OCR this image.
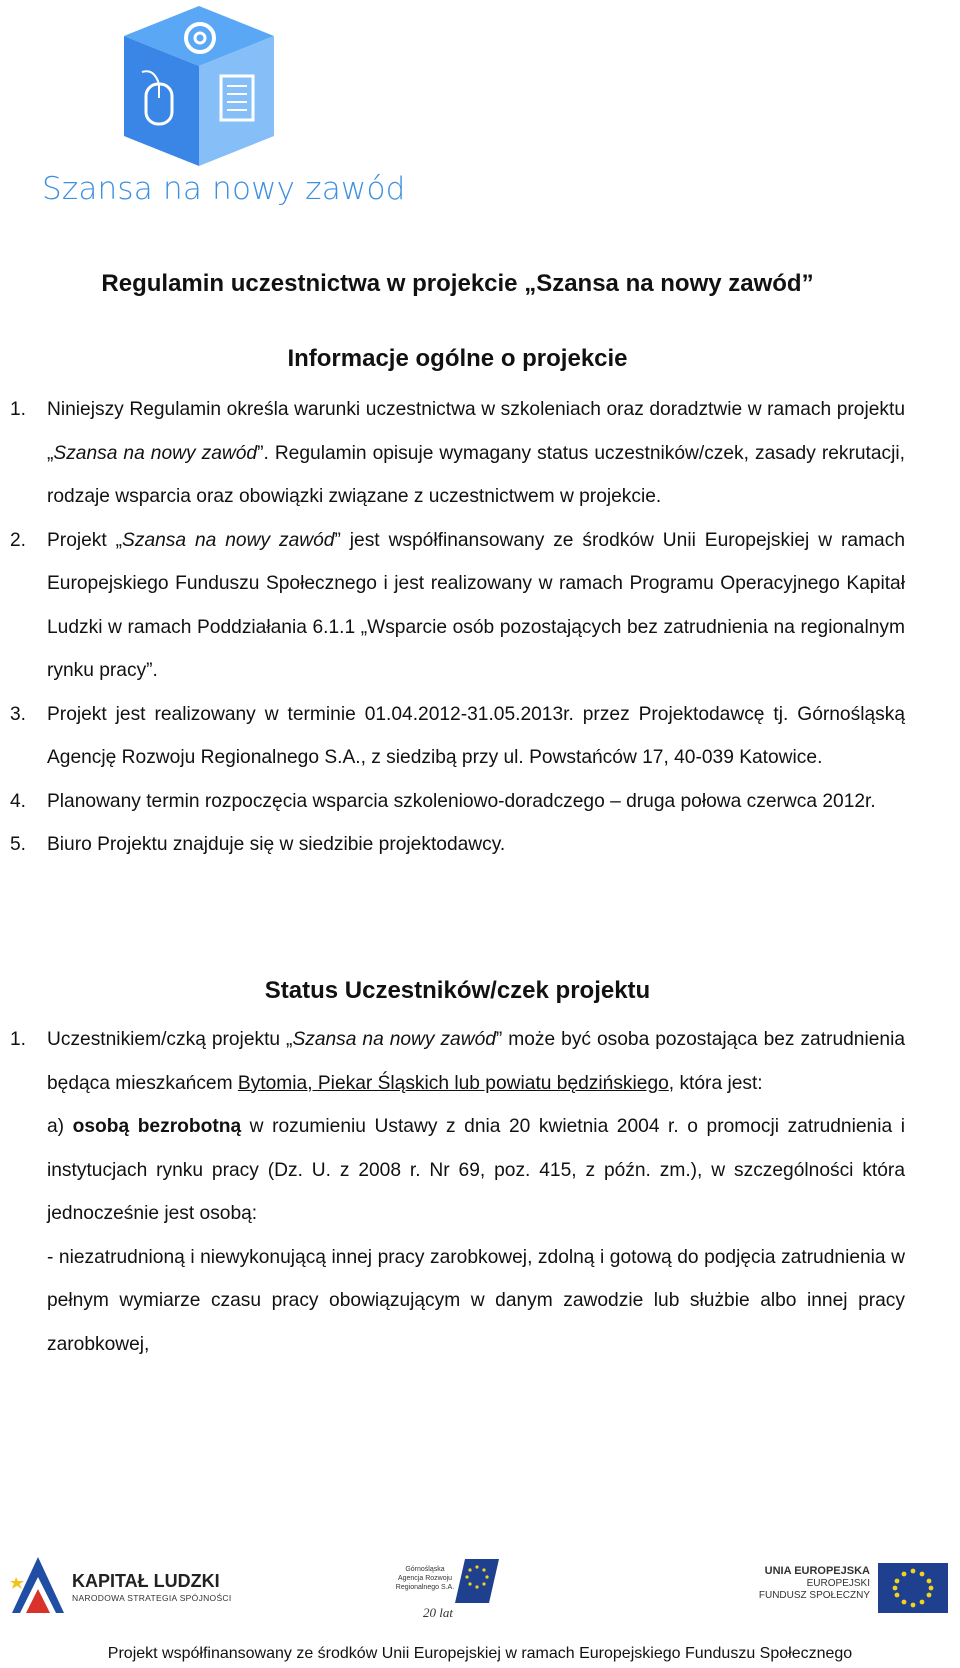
Szansa na nowy zawód
Regulamin uczestnictwa w projekcie „Szansa na nowy zawód”
Informacje ogólne o projekcie
1. Niniejszy Regulamin określa warunki uczestnictwa w szkoleniach oraz doradztwie w ramach projektu „Szansa na nowy zawód”. Regulamin opisuje wymagany status uczestników/czek, zasady rekrutacji, rodzaje wsparcia oraz obowiązki związane z uczestnictwem w projekcie.
2. Projekt „Szansa na nowy zawód” jest współfinansowany ze środków Unii Europejskiej w ramach Europejskiego Funduszu Społecznego i jest realizowany w ramach Programu Operacyjnego Kapitał Ludzki w ramach Poddziałania 6.1.1 „Wsparcie osób pozostających bez zatrudnienia na regionalnym rynku pracy”.
3. Projekt jest realizowany w terminie 01.04.2012-31.05.2013r. przez Projektodawcę tj. Górnośląską Agencję Rozwoju Regionalnego S.A., z siedzibą przy ul. Powstańców 17, 40-039 Katowice.
4. Planowany termin rozpoczęcia wsparcia szkoleniowo-doradczego – druga połowa czerwca 2012r.
5. Biuro Projektu znajduje się w siedzibie projektodawcy.
Status Uczestników/czek projektu
1. Uczestnikiem/czką projektu „Szansa na nowy zawód” może być osoba pozostająca bez zatrudnienia będąca mieszkańcem Bytomia, Piekar Śląskich lub powiatu będzińskiego, która jest:
a) osobą bezrobotną w rozumieniu Ustawy z dnia 20 kwietnia 2004 r. o promocji zatrudnienia i instytucjach rynku pracy (Dz. U. z 2008 r. Nr 69, poz. 415, z późn. zm.), w szczególności która jednocześnie jest osobą:
- niezatrudnioną i niewykonującą innej pracy zarobkowej, zdolną i gotową do podjęcia zatrudnienia w pełnym wymiarze czasu pracy obowiązującym w danym zawodzie lub służbie albo innej pracy zarobkowej,
KAPITAŁ LUDZKI
NARODOWA STRATEGIA SPÓJNOŚCI
Górnośląska Agencja Rozwoju Regionalnego S.A.
20 lat
UNIA EUROPEJSKA
EUROPEJSKI
FUNDUSZ SPOŁECZNY
Projekt współfinansowany ze środków Unii Europejskiej w ramach Europejskiego Funduszu Społecznego
